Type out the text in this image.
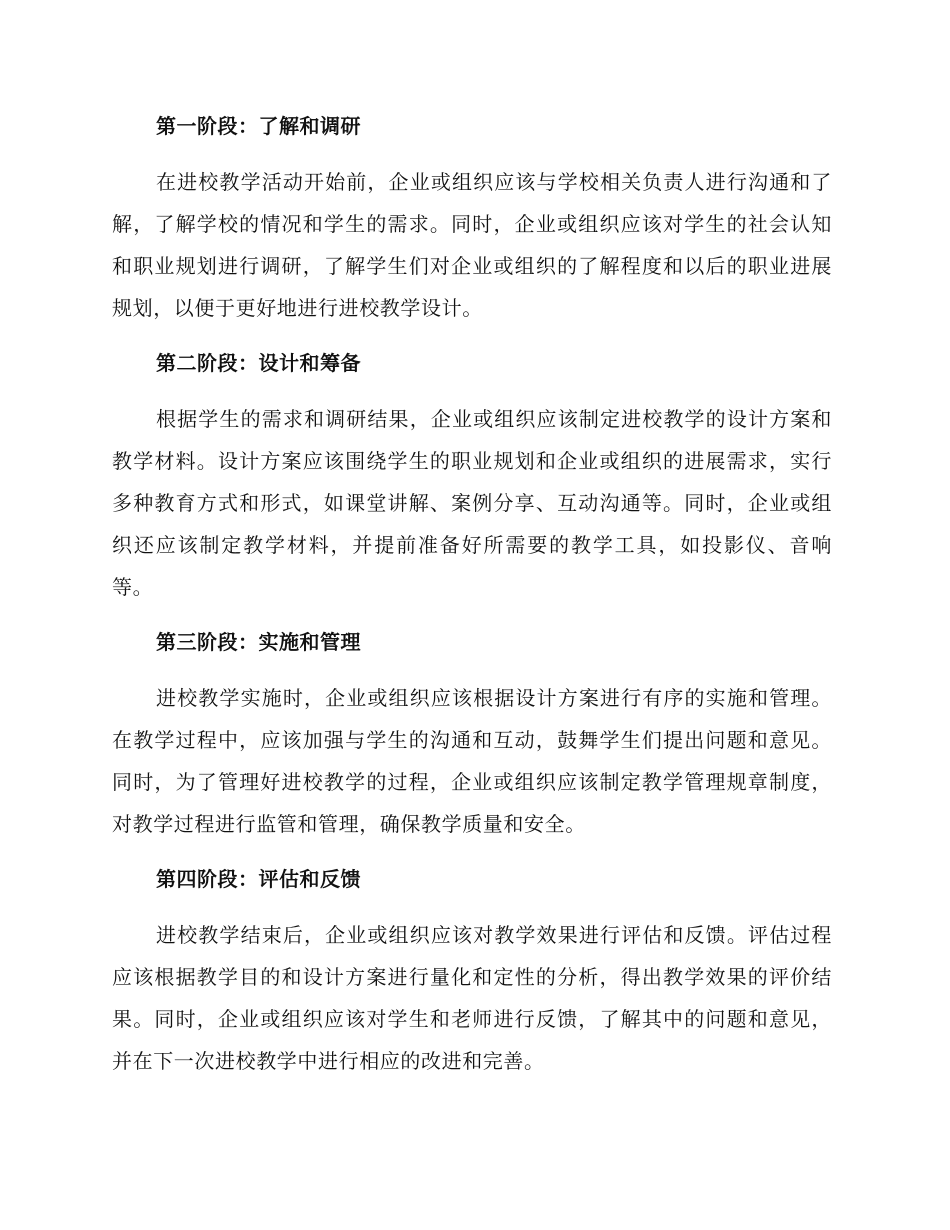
第一阶段：了解和调研

在进校教学活动开始前，企业或组织应该与学校相关负责人进行沟通和了解，了解学校的情况和学生的需求。同时，企业或组织应该对学生的社会认知和职业规划进行调研，了解学生们对企业或组织的了解程度和以后的职业进展规划，以便于更好地进行进校教学设计。

第二阶段：设计和筹备

根据学生的需求和调研结果，企业或组织应该制定进校教学的设计方案和教学材料。设计方案应该围绕学生的职业规划和企业或组织的进展需求，实行多种教育方式和形式，如课堂讲解、案例分享、互动沟通等。同时，企业或组织还应该制定教学材料，并提前准备好所需要的教学工具，如投影仪、音响等。

第三阶段：实施和管理

进校教学实施时，企业或组织应该根据设计方案进行有序的实施和管理。在教学过程中，应该加强与学生的沟通和互动，鼓舞学生们提出问题和意见。同时，为了管理好进校教学的过程，企业或组织应该制定教学管理规章制度，对教学过程进行监管和管理，确保教学质量和安全。

第四阶段：评估和反馈

进校教学结束后，企业或组织应该对教学效果进行评估和反馈。评估过程应该根据教学目的和设计方案进行量化和定性的分析，得出教学效果的评价结果。同时，企业或组织应该对学生和老师进行反馈，了解其中的问题和意见，并在下一次进校教学中进行相应的改进和完善。
